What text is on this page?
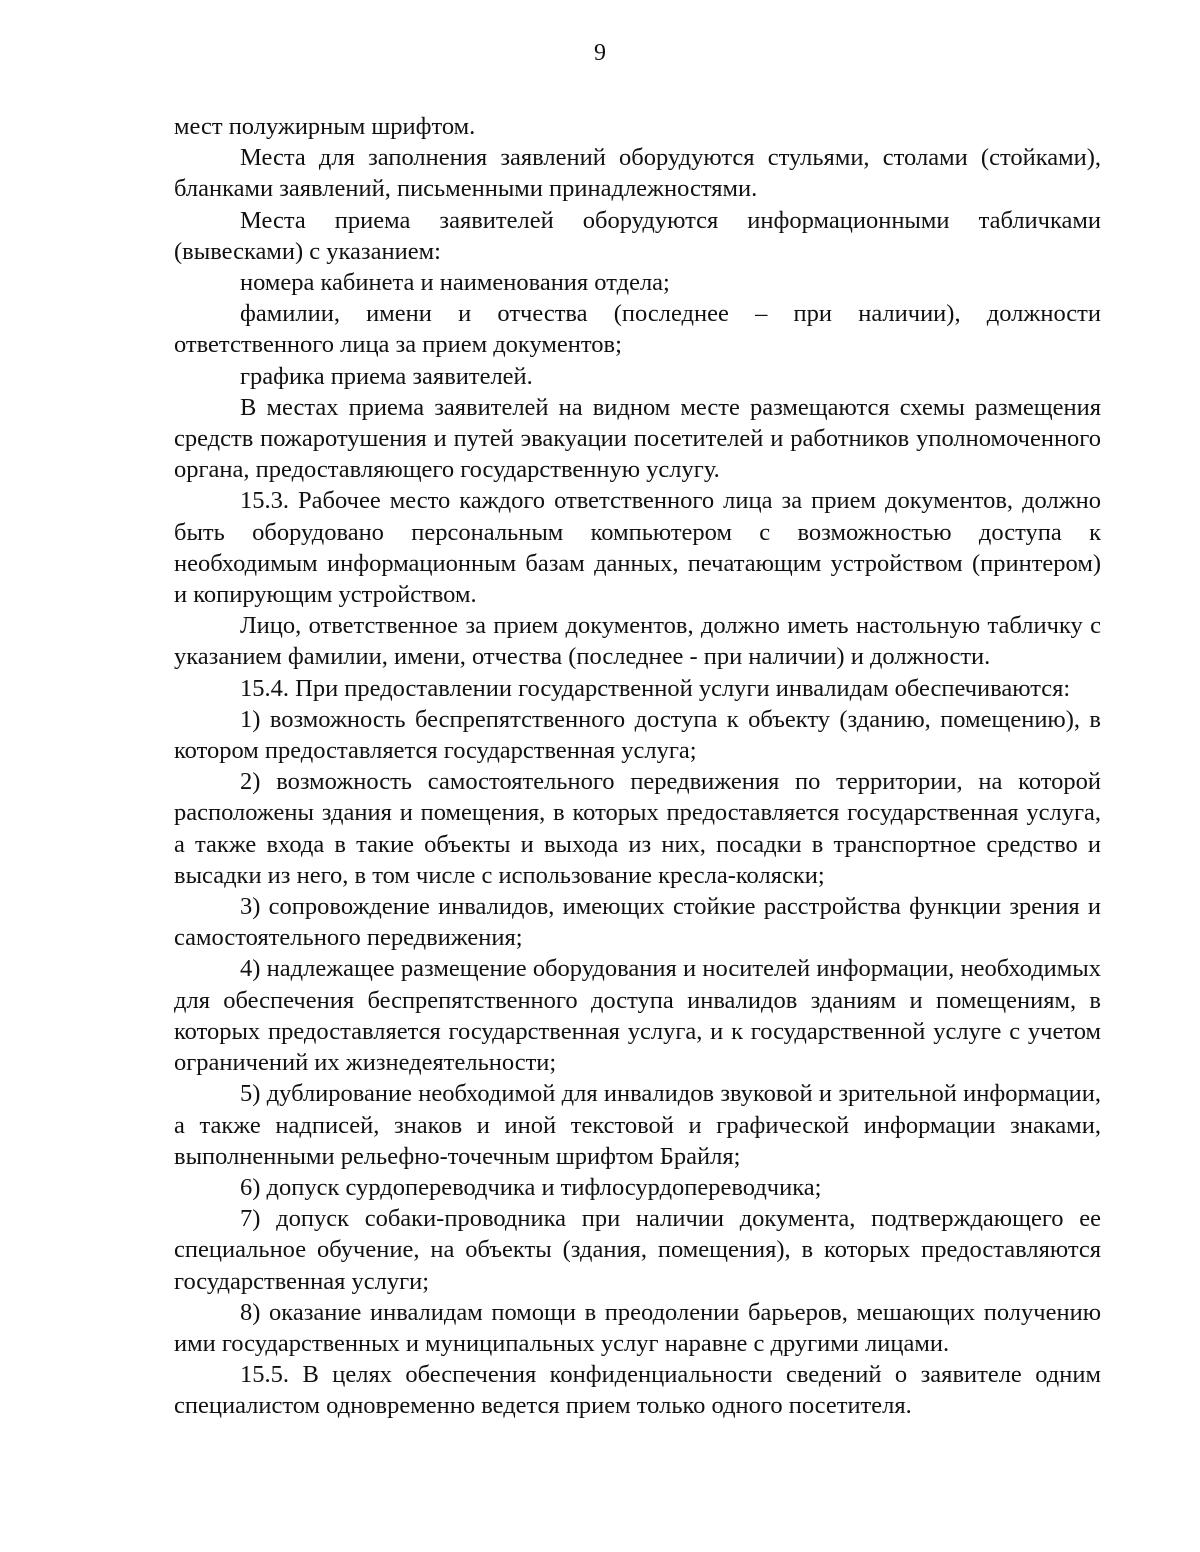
9

мест полужирным шрифтом.

Места для заполнения заявлений оборудуются стульями, столами (стойками), бланками заявлений, письменными принадлежностями.

Места приема заявителей оборудуются информационными табличками (вывесками) с указанием:

номера кабинета и наименования отдела;

фамилии, имени и отчества (последнее – при наличии), должности ответственного лица за прием документов;

графика приема заявителей.

В местах приема заявителей на видном месте размещаются схемы размещения средств пожаротушения и путей эвакуации посетителей и работников уполномоченного органа, предоставляющего государственную услугу.

15.3. Рабочее место каждого ответственного лица за прием документов, должно быть оборудовано персональным компьютером с возможностью доступа к необходимым информационным базам данных, печатающим устройством (принтером) и копирующим устройством.

Лицо, ответственное за прием документов, должно иметь настольную табличку с указанием фамилии, имени, отчества (последнее - при наличии) и должности.

15.4. При предоставлении государственной услуги инвалидам обеспечиваются:

1) возможность беспрепятственного доступа к объекту (зданию, помещению), в котором предоставляется государственная услуга;

2) возможность самостоятельного передвижения по территории, на которой расположены здания и помещения, в которых предоставляется государственная услуга, а также входа в такие объекты и выхода из них, посадки в транспортное средство и высадки из него, в том числе с использование кресла-коляски;

3) сопровождение инвалидов, имеющих стойкие расстройства функции зрения и самостоятельного передвижения;

4) надлежащее размещение оборудования и носителей информации, необходимых для обеспечения беспрепятственного доступа инвалидов зданиям и помещениям, в которых предоставляется государственная услуга, и к государственной услуге с учетом ограничений их жизнедеятельности;

5) дублирование необходимой для инвалидов звуковой и зрительной информации, а также надписей, знаков и иной текстовой и графической информации знаками, выполненными рельефно-точечным шрифтом Брайля;

6) допуск сурдопереводчика и тифлосурдопереводчика;

7) допуск собаки-проводника при наличии документа, подтверждающего ее специальное обучение, на объекты (здания, помещения), в которых предоставляются государственная услуги;

8) оказание инвалидам помощи в преодолении барьеров, мешающих получению ими государственных и муниципальных услуг наравне с другими лицами.

15.5. В целях обеспечения конфиденциальности сведений о заявителе одним специалистом одновременно ведется прием только одного посетителя.
